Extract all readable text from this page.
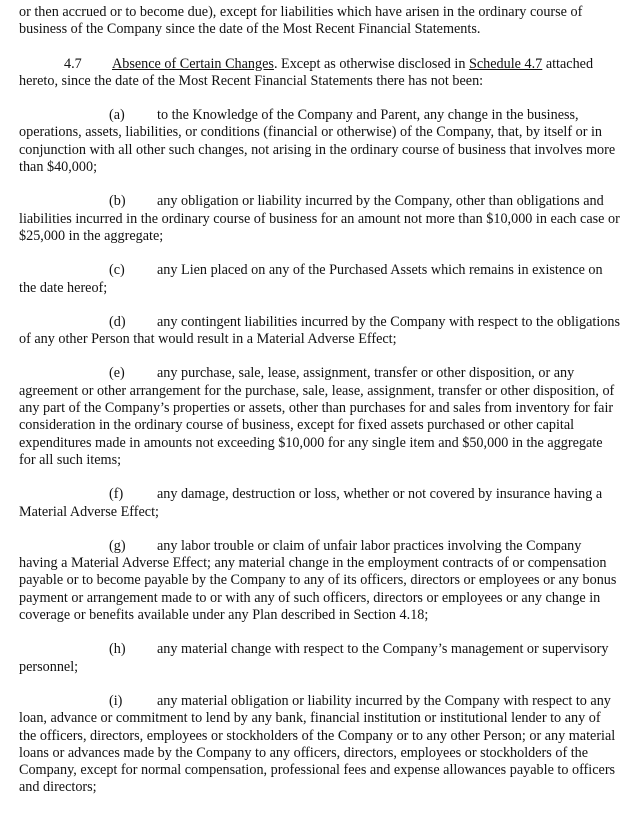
or then accrued or to become due), except for liabilities which have arisen in the ordinary course of business of the Company since the date of the Most Recent Financial Statements.

4.7 Absence of Certain Changes. Except as otherwise disclosed in Schedule 4.7 attached hereto, since the date of the Most Recent Financial Statements there has not been:

(a) to the Knowledge of the Company and Parent, any change in the business, operations, assets, liabilities, or conditions (financial or otherwise) of the Company, that, by itself or in conjunction with all other such changes, not arising in the ordinary course of business that involves more than $40,000;

(b) any obligation or liability incurred by the Company, other than obligations and liabilities incurred in the ordinary course of business for an amount not more than $10,000 in each case or $25,000 in the aggregate;

(c) any Lien placed on any of the Purchased Assets which remains in existence on the date hereof;

(d) any contingent liabilities incurred by the Company with respect to the obligations of any other Person that would result in a Material Adverse Effect;

(e) any purchase, sale, lease, assignment, transfer or other disposition, or any agreement or other arrangement for the purchase, sale, lease, assignment, transfer or other disposition, of any part of the Company’s properties or assets, other than purchases for and sales from inventory for fair consideration in the ordinary course of business, except for fixed assets purchased or other capital expenditures made in amounts not exceeding $10,000 for any single item and $50,000 in the aggregate for all such items;

(f) any damage, destruction or loss, whether or not covered by insurance having a Material Adverse Effect;

(g) any labor trouble or claim of unfair labor practices involving the Company having a Material Adverse Effect; any material change in the employment contracts of or compensation payable or to become payable by the Company to any of its officers, directors or employees or any bonus payment or arrangement made to or with any of such officers, directors or employees or any change in coverage or benefits available under any Plan described in Section 4.18;

(h) any material change with respect to the Company’s management or supervisory personnel;

(i) any material obligation or liability incurred by the Company with respect to any loan, advance or commitment to lend by any bank, financial institution or institutional lender to any of the officers, directors, employees or stockholders of the Company or to any other Person; or any material loans or advances made by the Company to any officers, directors, employees or stockholders of the Company, except for normal compensation, professional fees and expense allowances payable to officers and directors;
